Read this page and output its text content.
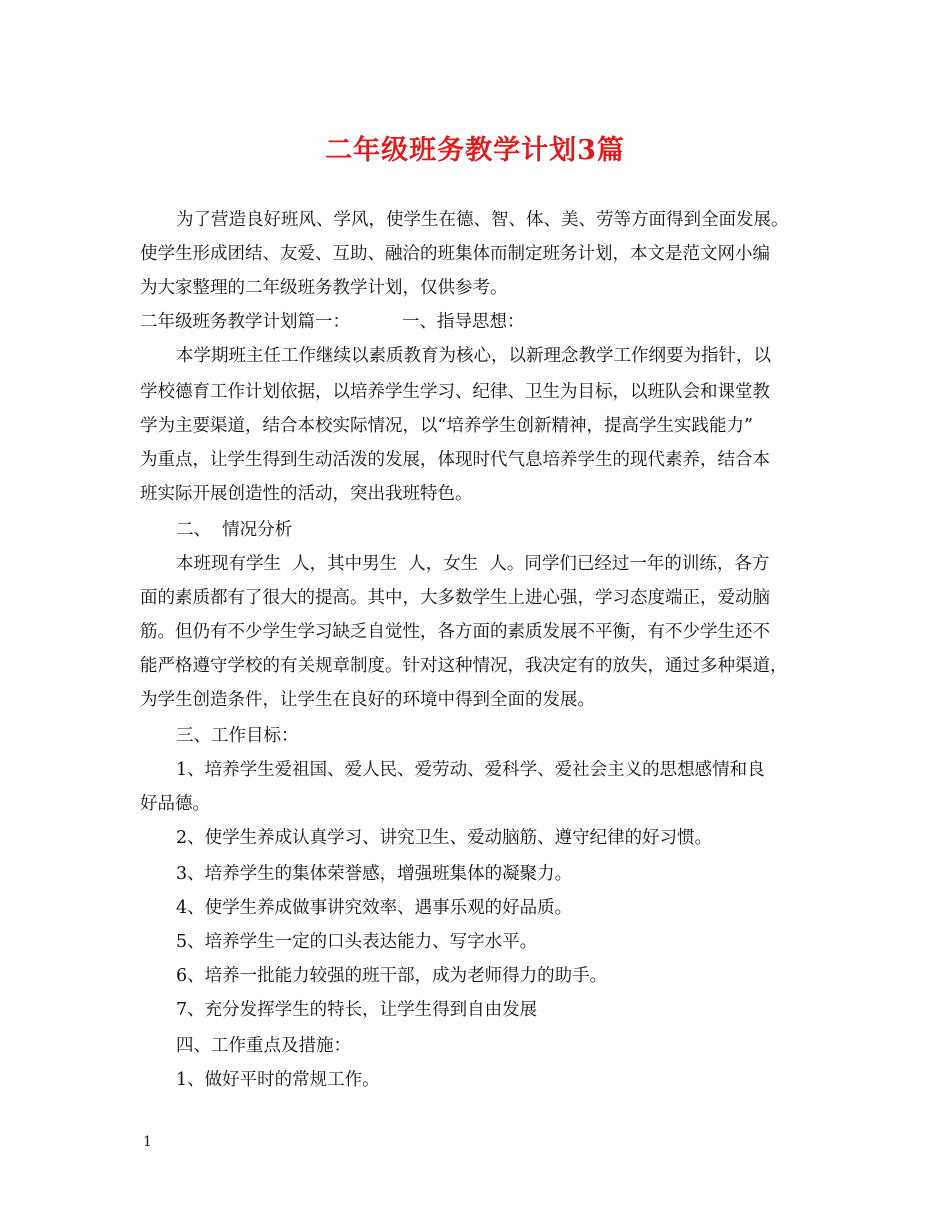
二年级班务教学计划3篇
为了营造良好班风、学风，使学生在德、智、体、美、劳等方面得到全面发展。
使学生形成团结、友爱、互助、融洽的班集体而制定班务计划，本文是范文网小编
为大家整理的二年级班务教学计划，仅供参考。
二年级班务教学计划篇一：	一、指导思想：
本学期班主任工作继续以素质教育为核心，以新理念教学工作纲要为指针，以
学校德育工作计划依据，以培养学生学习、纪律、卫生为目标，以班队会和课堂教
学为主要渠道，结合本校实际情况，以“培养学生创新精神，提高学生实践能力”
为重点，让学生得到生动活泼的发展，体现时代气息培养学生的现代素养，结合本
班实际开展创造性的活动，突出我班特色。
二、  情况分析
本班现有学生  人，其中男生  人，女生  人。同学们已经过一年的训练，各方
面的素质都有了很大的提高。其中，大多数学生上进心强，学习态度端正，爱动脑
筋。但仍有不少学生学习缺乏自觉性，各方面的素质发展不平衡，有不少学生还不
能严格遵守学校的有关规章制度。针对这种情况，我决定有的放失，通过多种渠道，
为学生创造条件，让学生在良好的环境中得到全面的发展。
三、工作目标：
1、培养学生爱祖国、爱人民、爱劳动、爱科学、爱社会主义的思想感情和良
好品德。
2、使学生养成认真学习、讲究卫生、爱动脑筋、遵守纪律的好习惯。
3、培养学生的集体荣誉感，增强班集体的凝聚力。
4、使学生养成做事讲究效率、遇事乐观的好品质。
5、培养学生一定的口头表达能力、写字水平。
6、培养一批能力较强的班干部，成为老师得力的助手。
7、充分发挥学生的特长，让学生得到自由发展
四、工作重点及措施：
1、做好平时的常规工作。
1
